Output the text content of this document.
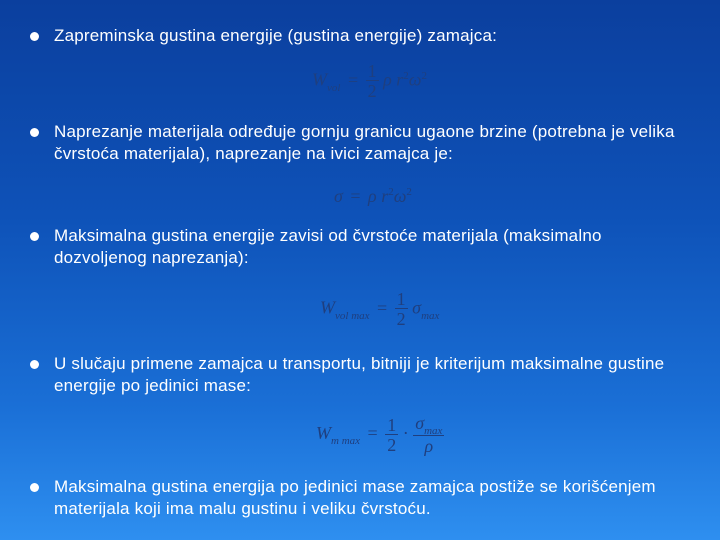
Zapreminska gustina energije (gustina energije) zamajca:
$W_{vol} = \frac{1}{2}$ ρ $r^2\omega^2$
Naprezanje materijala određuje gornju granicu ugaone brzine (potrebna je velika čvrstoća materijala), naprezanje na ivici zamajca je:
σ = ρ $r^2\omega^2$
Maksimalna gustina energije zavisi od čvrstoće materijala (maksimalno dozvoljenog naprezanja):
$W_{vol max} = \frac{1}{2} \sigma_{max}$
U slučaju primene zamajca u transportu, bitniji je kriterijum maksimalne gustine energije po jedinici mase:
$W_{m max} = \frac{1}{2} \cdot \frac{\sigma_{max}}{\rho}$
Maksimalna gustina energija po jedinici mase zamajca postiže se korišćenjem materijala koji ima malu gustinu i veliku čvrstoću.
